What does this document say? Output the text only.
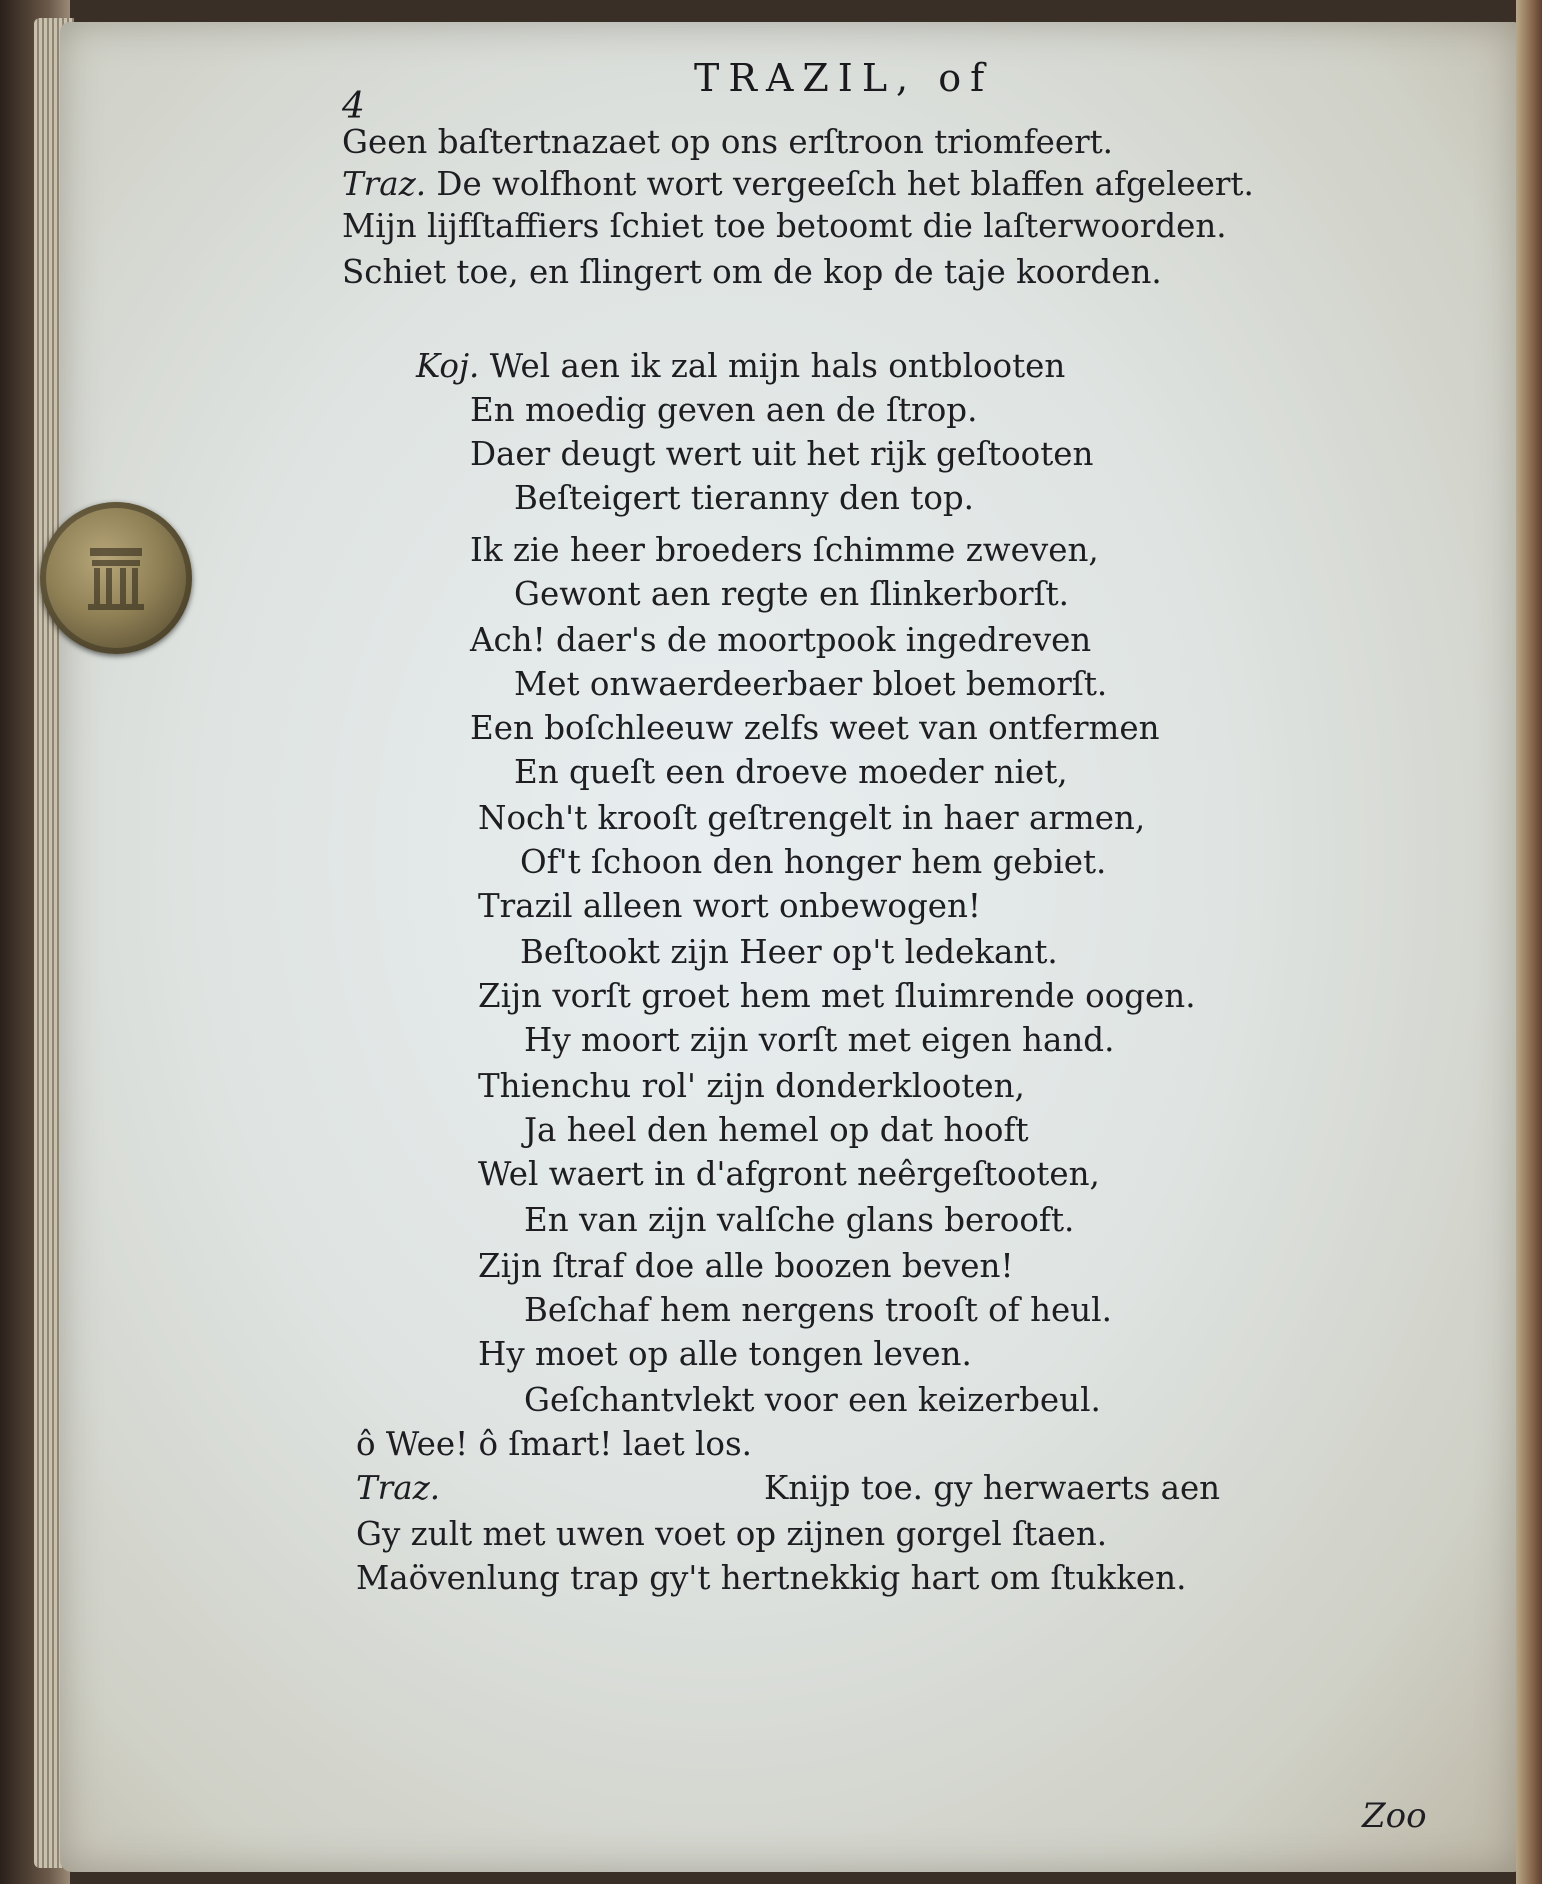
4
TRAZIL, of
Geen baſtertnazaet op ons erſtroon triomfeert.
Traz. De wolfhont wort vergeeſch het blaffen afgeleert.
Mijn lijfſtaffiers ſchiet toe betoomt die laſterwoorden.
Schiet toe, en ſlingert om de kop de taje koorden.
Koj. Wel aen ik zal mijn hals ontblooten
En moedig geven aen de ſtrop.
Daer deugt wert uit het rijk geſtooten
Beſteigert tieranny den top.
Ik zie heer broeders ſchimme zweven,
Gewont aen regte en ſlinkerborſt.
Ach! daer's de moortpook ingedreven
Met onwaerdeerbaer bloet bemorſt.
Een boſchleeuw zelfs weet van ontfermen
En queſt een droeve moeder niet,
Noch't krooſt geſtrengelt in haer armen,
Of't ſchoon den honger hem gebiet.
Trazil alleen wort onbewogen!
Beſtookt zijn Heer op't ledekant.
Zijn vorſt groet hem met ſluimrende oogen.
Hy moort zijn vorſt met eigen hand.
Thienchu rol' zijn donderklooten,
Ja heel den hemel op dat hooft
Wel waert in d'afgront neêrgeſtooten,
En van zijn valſche glans berooft.
Zijn ſtraf doe alle boozen beven!
Beſchaf hem nergens trooſt of heul.
Hy moet op alle tongen leven.
Geſchantvlekt voor een keizerbeul.
ô Wee! ô ſmart! laet los.
Traz.	Knijp toe. gy herwaerts aen
Gy zult met uwen voet op zijnen gorgel ſtaen.
Maövenlung trap gy't hertnekkig hart om ſtukken.
Zoo
